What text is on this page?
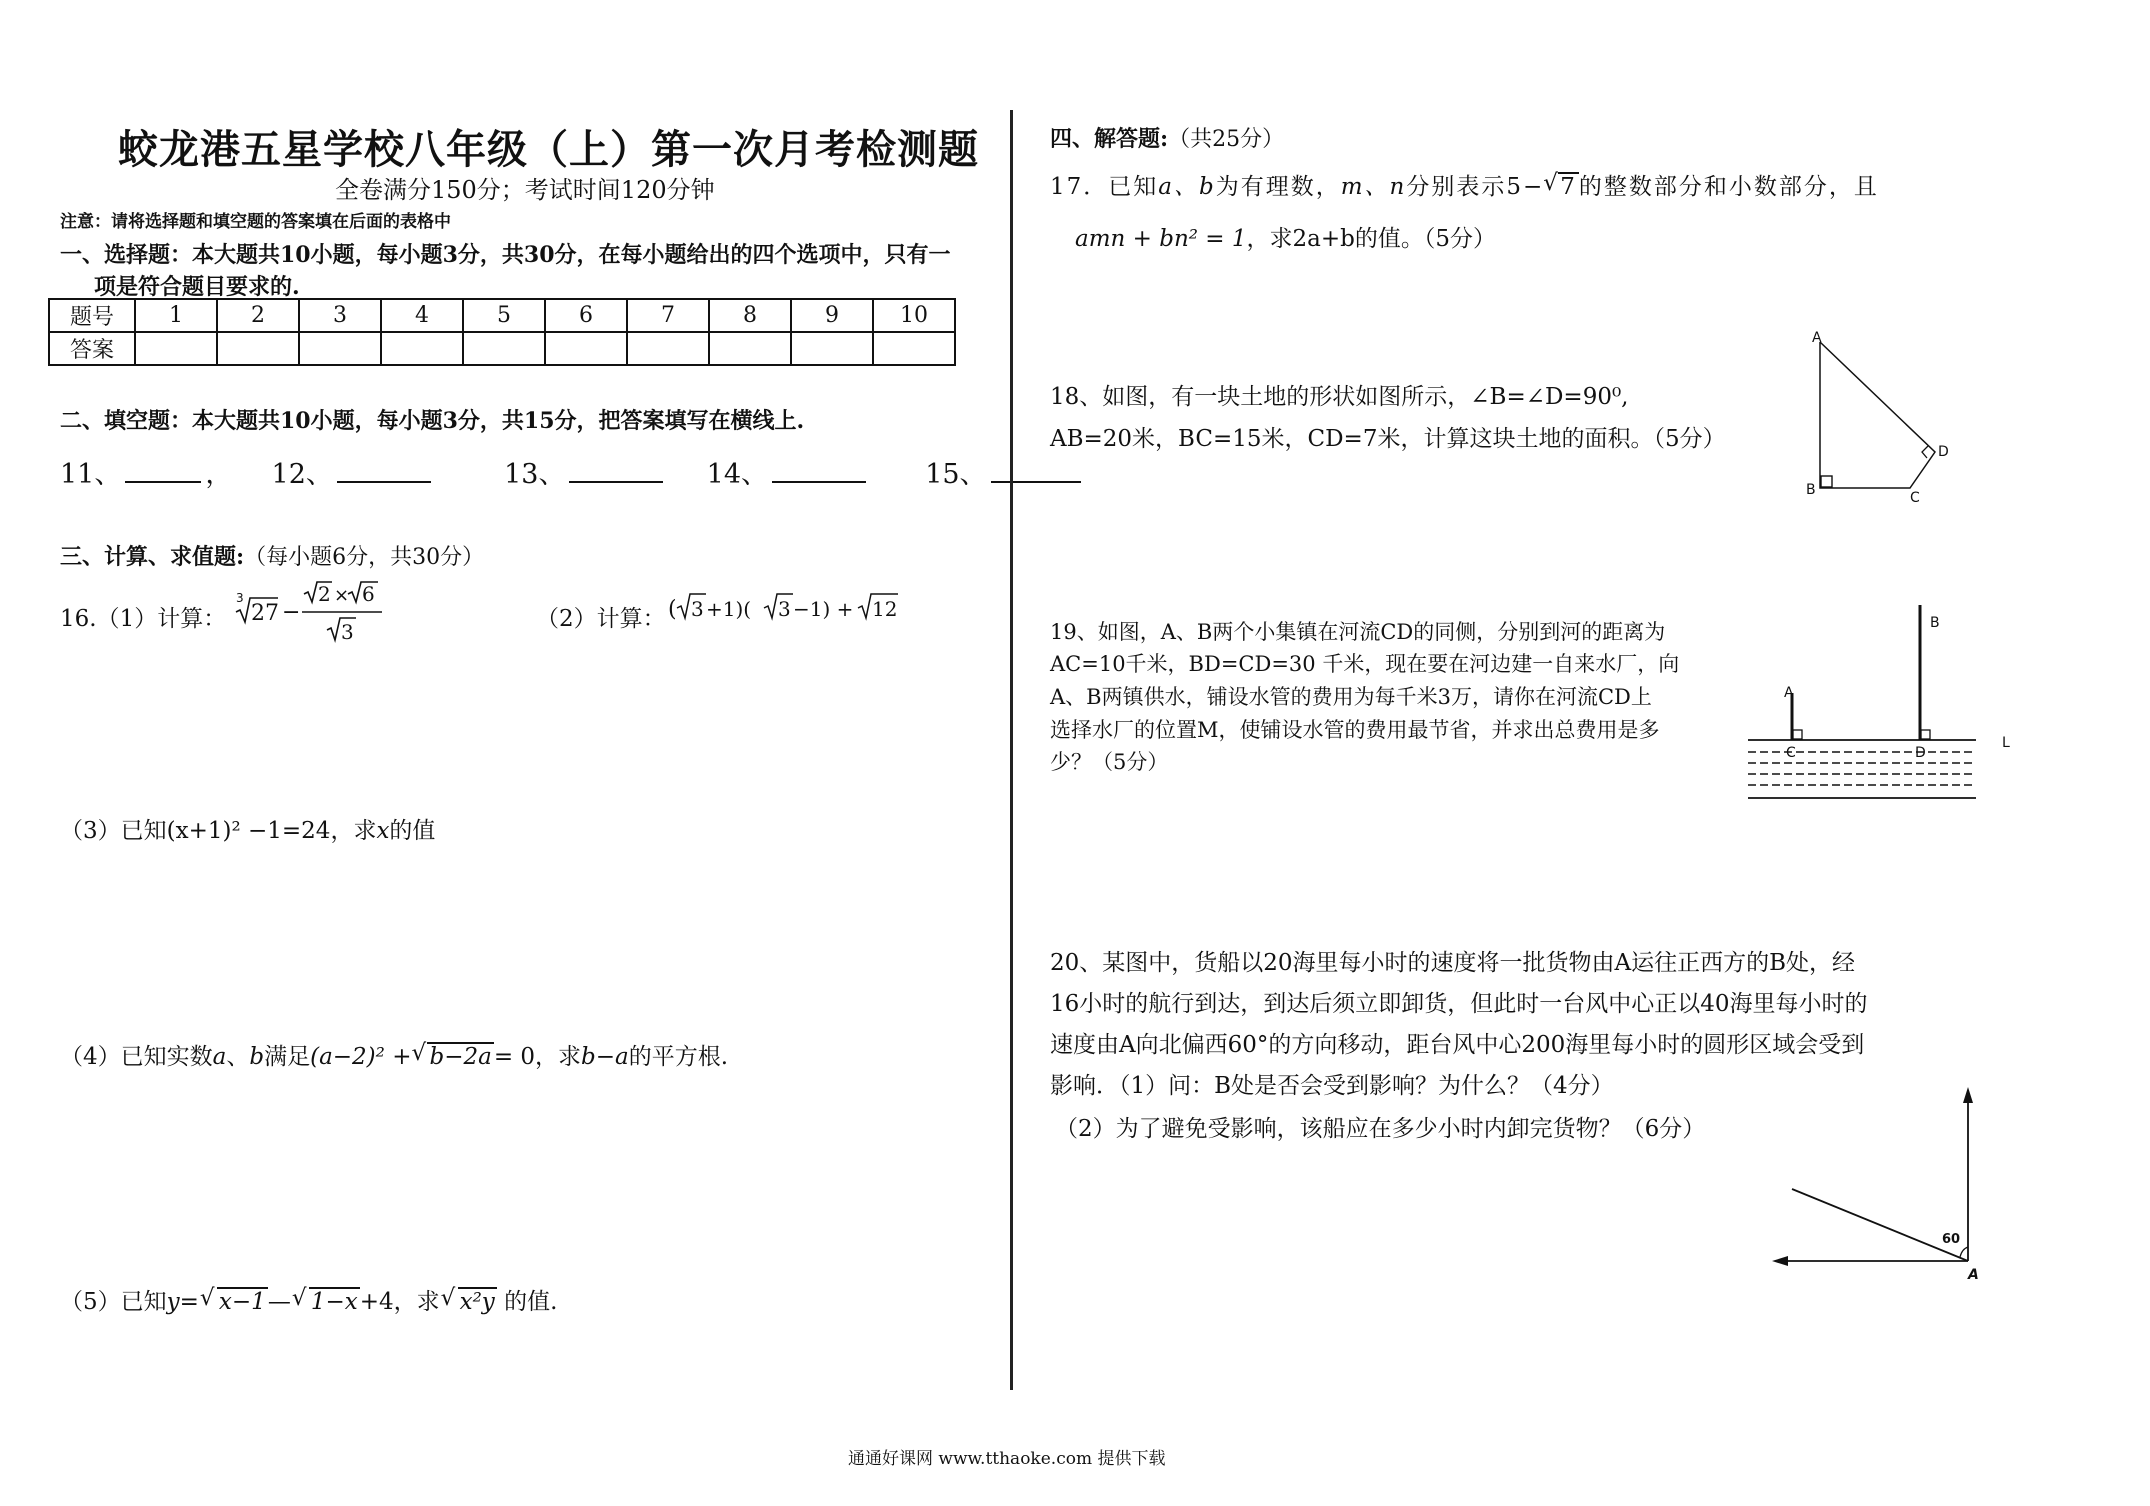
蛟龙港五星学校八年级（上）第一次月考检测题
全卷满分150分；考试时间120分钟
注意：请将选择题和填空题的答案填在后面的表格中
一、选择题：本大题共10小题，每小题3分，共30分，在每小题给出的四个选项中，只有一
项是符合题目要求的.
题号	1	2	3	4	5	6	7	8	9	10
答案										
二、填空题：本大题共10小题，每小题3分，共15分，把答案填写在横线上.
11、	， 12、	13、	14、	15、
三、计算、求值题:（每小题6分，共30分）
16.（1）计算：
3
27 −
2 × 6
3	（2）计算： ( 3 +1)( 3 −1) + 12
（3）已知(x+1)² −1=24，求x的值
（4）已知实数a、b满足(a−2)² + √ b−2a= 0，求b−a的平方根.
（5）已知y= √ x−1— √ 1−x+4，求 √ x²y 的值.
四、解答题:（共25分）
17．已知a、b为有理数，m、n分别表示5− √ 7的整数部分和小数部分，且
amn + bn² = 1，求2a+b的值。（5分）
18、如图，有一块土地的形状如图所示，∠B=∠D=90⁰,
AB=20米，BC=15米，CD=7米，计算这块土地的面积。（5分）
A
B	C
D
19、如图，A、B两个小集镇在河流CD的同侧，分别到河的距离为
AC=10千米，BD=CD=30 千米，现在要在河边建一自来水厂，向
A、B两镇供水，铺设水管的费用为每千米3万，请你在河流CD上
选择水厂的位置M，使铺设水管的费用最节省，并求出总费用是多
少？（5分）
A
B
C	D
L
20、某图中，货船以20海里每小时的速度将一批货物由A运往正西方的B处，经
16小时的航行到达，到达后须立即卸货，但此时一台风中心正以40海里每小时的
速度由A向北偏西60°的方向移动，距台风中心200海里每小时的圆形区域会受到
影响．（1）问：B处是否会受到影响？为什么？（4分）
（2）为了避免受影响，该船应在多少小时内卸完货物？（6分）
60
A
通通好课网 www.tthaoke.com 提供下载
